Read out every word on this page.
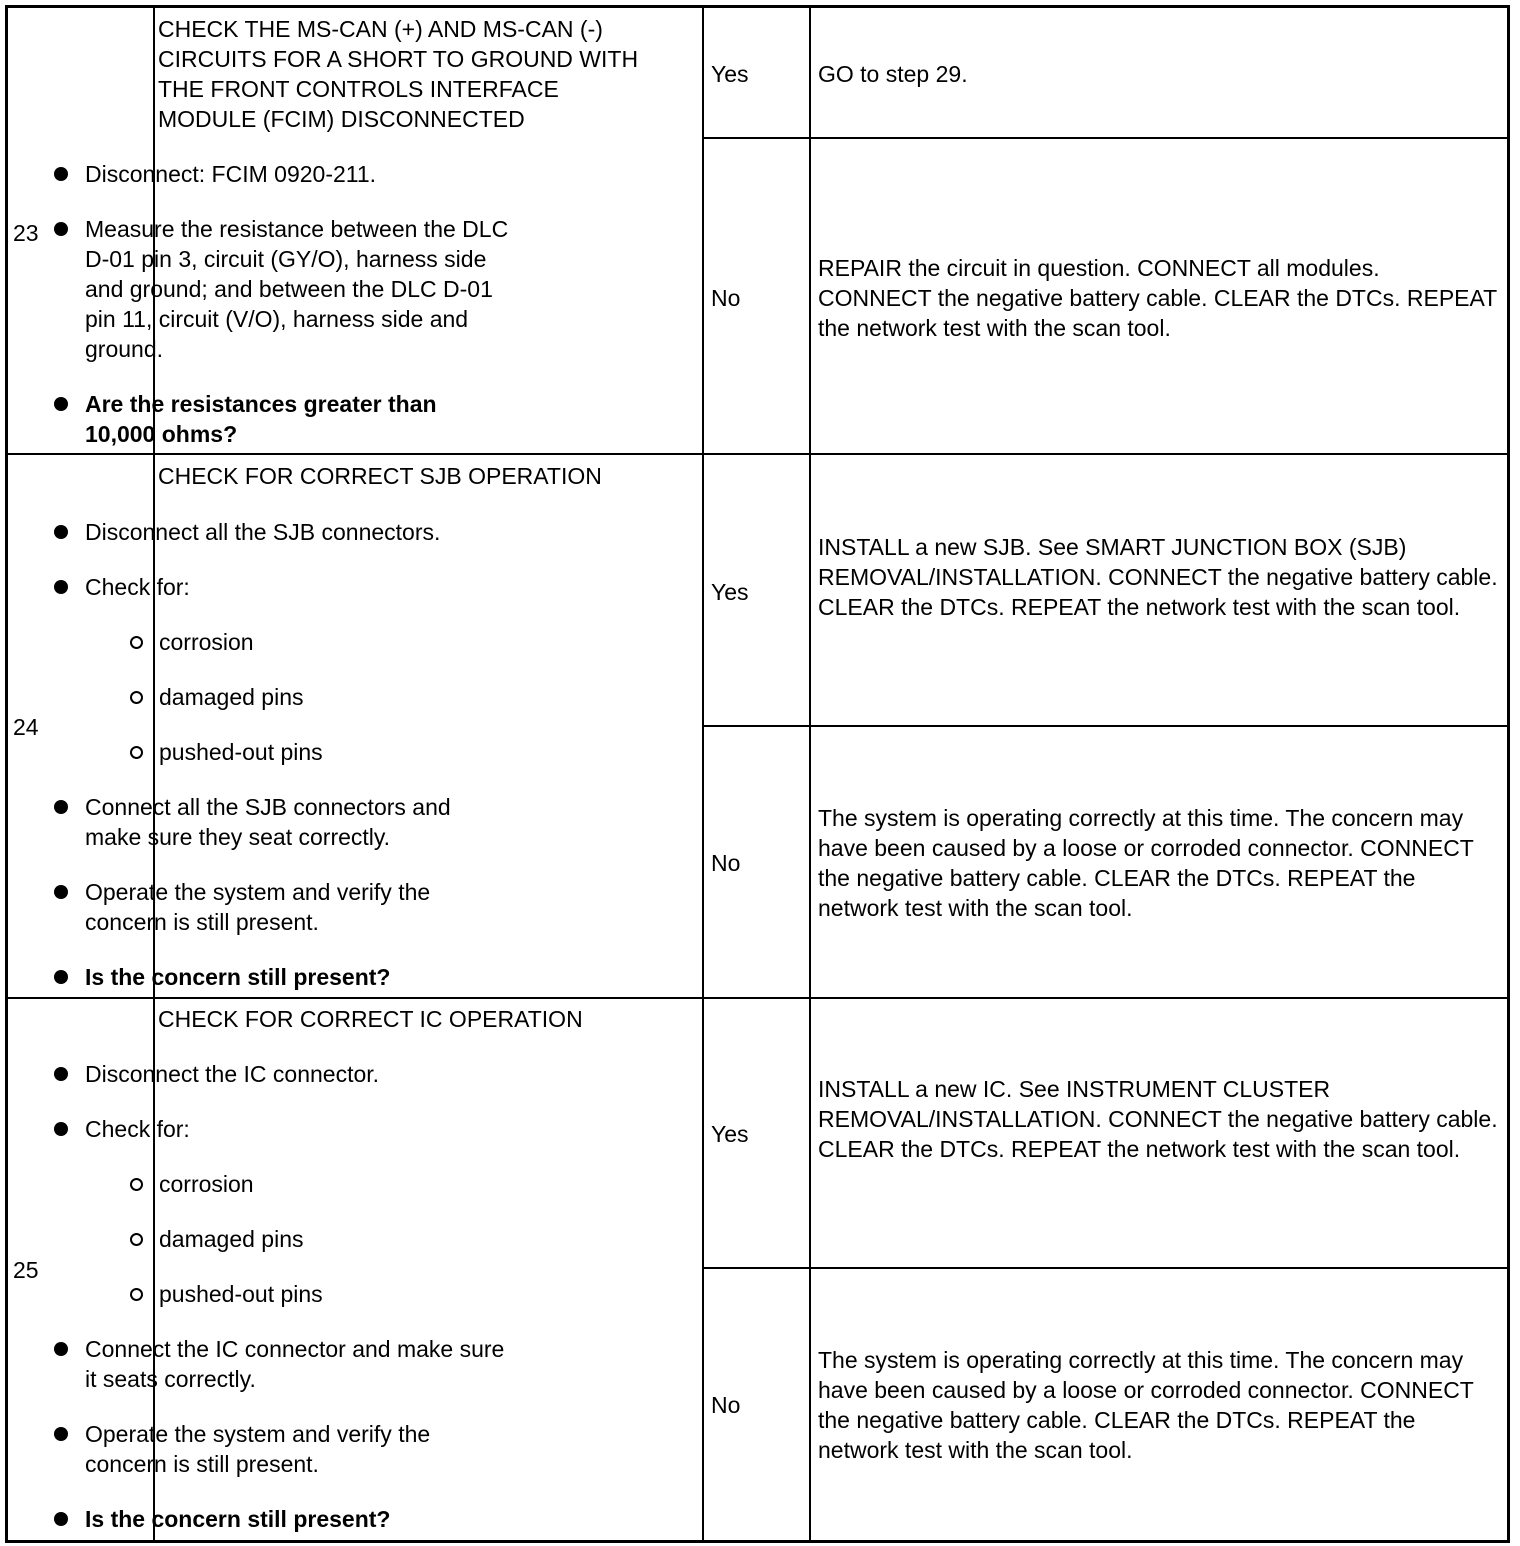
23
CHECK THE MS-CAN (+) AND MS-CAN (-)
CIRCUITS FOR A SHORT TO GROUND WITH
THE FRONT CONTROLS INTERFACE
MODULE (FCIM) DISCONNECTED
Disconnect: FCIM 0920-211.
Measure the resistance between the DLC D-01 pin 3, circuit (GY/O), harness side and ground; and between the DLC D-01 pin 11, circuit (V/O), harness side and ground.
Are the resistances greater than 10,000 ohms?
Yes	GO to step 29.
No
REPAIR the circuit in question. CONNECT all modules. CONNECT the negative battery cable. CLEAR the DTCs. REPEAT the network test with the scan tool.
24
CHECK FOR CORRECT SJB OPERATION
Disconnect all the SJB connectors.
Check for:
corrosion
damaged pins
pushed-out pins
Connect all the SJB connectors and make sure they seat correctly.
Operate the system and verify the concern is still present.
Is the concern still present?
Yes
INSTALL a new SJB. See SMART JUNCTION BOX (SJB) REMOVAL/INSTALLATION. CONNECT the negative battery cable. CLEAR the DTCs. REPEAT the network test with the scan tool.
No
The system is operating correctly at this time. The concern may have been caused by a loose or corroded connector. CONNECT the negative battery cable. CLEAR the DTCs. REPEAT the network test with the scan tool.
25
CHECK FOR CORRECT IC OPERATION
Disconnect the IC connector.
Check for:
corrosion
damaged pins
pushed-out pins
Connect the IC connector and make sure it seats correctly.
Operate the system and verify the concern is still present.
Is the concern still present?
Yes
INSTALL a new IC. See INSTRUMENT CLUSTER REMOVAL/INSTALLATION. CONNECT the negative battery cable. CLEAR the DTCs. REPEAT the network test with the scan tool.
No
The system is operating correctly at this time. The concern may have been caused by a loose or corroded connector. CONNECT the negative battery cable. CLEAR the DTCs. REPEAT the network test with the scan tool.
